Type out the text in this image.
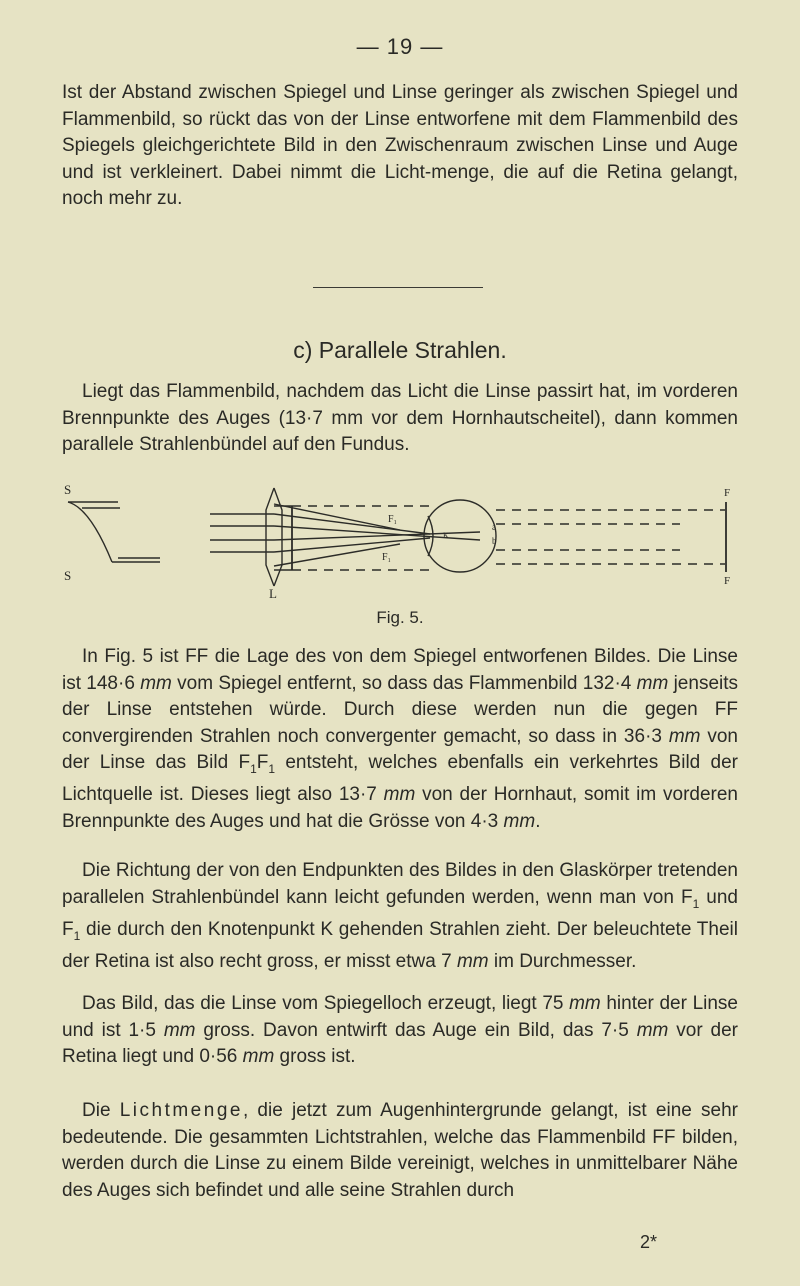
— 19 —

Ist der Abstand zwischen Spiegel und Linse geringer als zwischen Spiegel und Flammenbild, so rückt das von der Linse entworfene mit dem Flammenbild des Spiegels gleichgerichtete Bild in den Zwischenraum zwischen Linse und Auge und ist verkleinert. Dabei nimmt die Licht-menge, die auf die Retina gelangt, noch mehr zu.

c) Parallele Strahlen.

Liegt das Flammenbild, nachdem das Licht die Linse passirt hat, im vorderen Brennpunkte des Auges (13·7 mm vor dem Hornhautscheitel), dann kommen parallele Strahlenbündel auf den Fundus.

S
S
L
F
F
F₁
F₁
a
b
K
Fig. 5.

In Fig. 5 ist FF die Lage des von dem Spiegel entworfenen Bildes. Die Linse ist 148·6 mm vom Spiegel entfernt, so dass das Flammenbild 132·4 mm jenseits der Linse entstehen würde. Durch diese werden nun die gegen FF convergirenden Strahlen noch convergenter gemacht, so dass in 36·3 mm von der Linse das Bild $F_1F_1$ entsteht, welches ebenfalls ein verkehrtes Bild der Lichtquelle ist. Dieses liegt also 13·7 mm von der Hornhaut, somit im vorderen Brennpunkte des Auges und hat die Grösse von 4·3 mm.

Die Richtung der von den Endpunkten des Bildes in den Glaskörper tretenden parallelen Strahlenbündel kann leicht gefunden werden, wenn man von $F_1$ und $F_1$ die durch den Knotenpunkt K gehenden Strahlen zieht. Der beleuchtete Theil der Retina ist also recht gross, er misst etwa 7 mm im Durchmesser.

Das Bild, das die Linse vom Spiegelloch erzeugt, liegt 75 mm hinter der Linse und ist 1·5 mm gross. Davon entwirft das Auge ein Bild, das 7·5 mm vor der Retina liegt und 0·56 mm gross ist.

Die Lichtmenge, die jetzt zum Augenhintergrunde gelangt, ist eine sehr bedeutende. Die gesammten Lichtstrahlen, welche das Flammenbild FF bilden, werden durch die Linse zu einem Bilde vereinigt, welches in unmittelbarer Nähe des Auges sich befindet und alle seine Strahlen durch

2*
